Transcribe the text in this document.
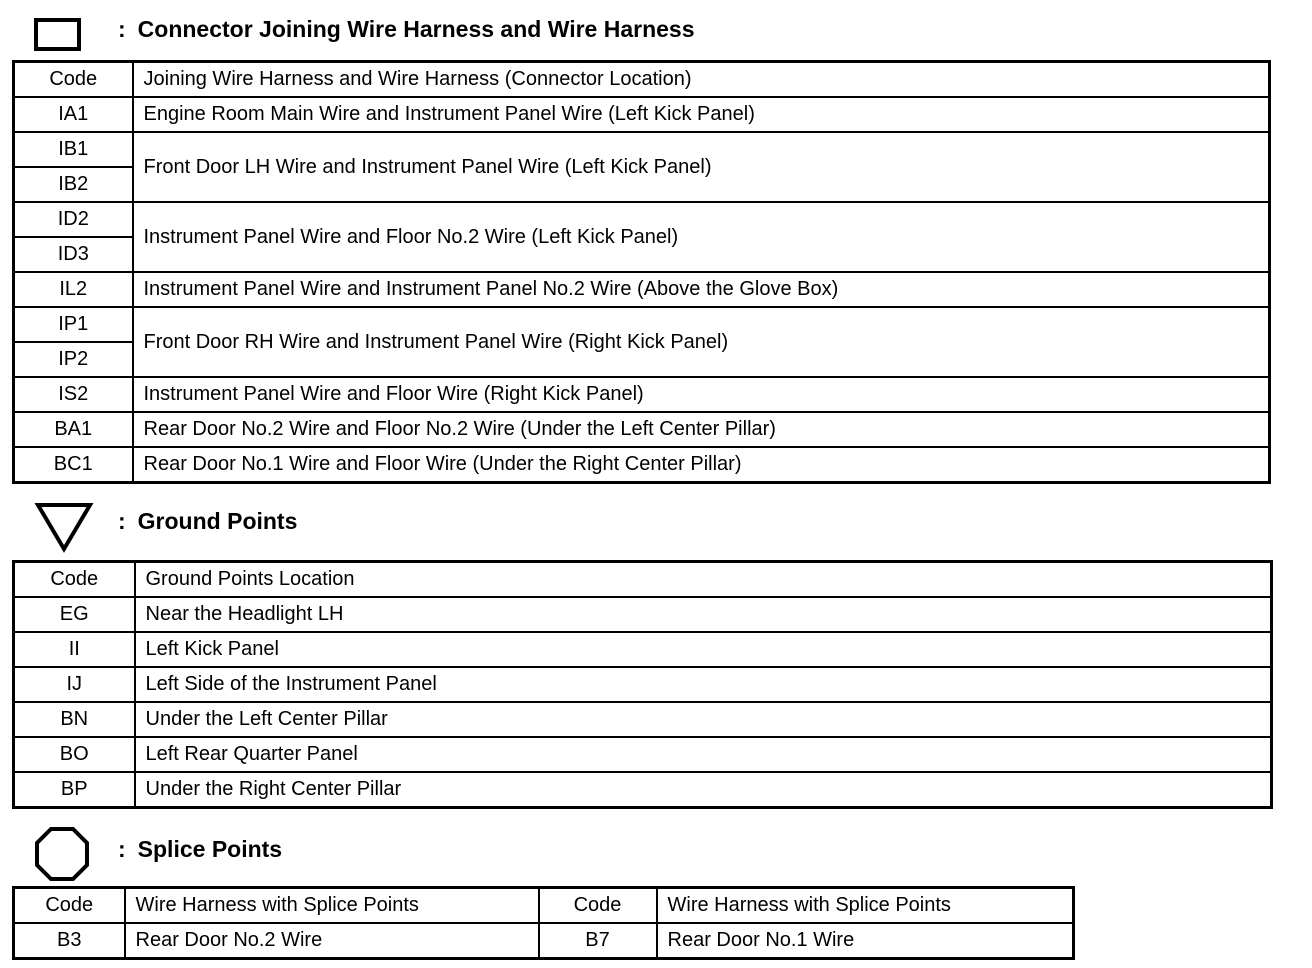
: Connector Joining Wire Harness and Wire Harness
Code	Joining Wire Harness and Wire Harness (Connector Location)
IA1	Engine Room Main Wire and Instrument Panel Wire (Left Kick Panel)
IB1	Front Door LH Wire and Instrument Panel Wire (Left Kick Panel)
IB2	
ID2	Instrument Panel Wire and Floor No.2 Wire (Left Kick Panel)
ID3	
IL2	Instrument Panel Wire and Instrument Panel No.2 Wire (Above the Glove Box)
IP1	Front Door RH Wire and Instrument Panel Wire (Right Kick Panel)
IP2	
IS2	Instrument Panel Wire and Floor Wire (Right Kick Panel)
BA1	Rear Door No.2 Wire and Floor No.2 Wire (Under the Left Center Pillar)
BC1	Rear Door No.1 Wire and Floor Wire (Under the Right Center Pillar)
: Ground Points
Code	Ground Points Location
EG	Near the Headlight LH
II	Left Kick Panel
IJ	Left Side of the Instrument Panel
BN	Under the Left Center Pillar
BO	Left Rear Quarter Panel
BP	Under the Right Center Pillar
: Splice Points
Code	Wire Harness with Splice Points	Code	Wire Harness with Splice Points
B3	Rear Door No.2 Wire	B7	Rear Door No.1 Wire
